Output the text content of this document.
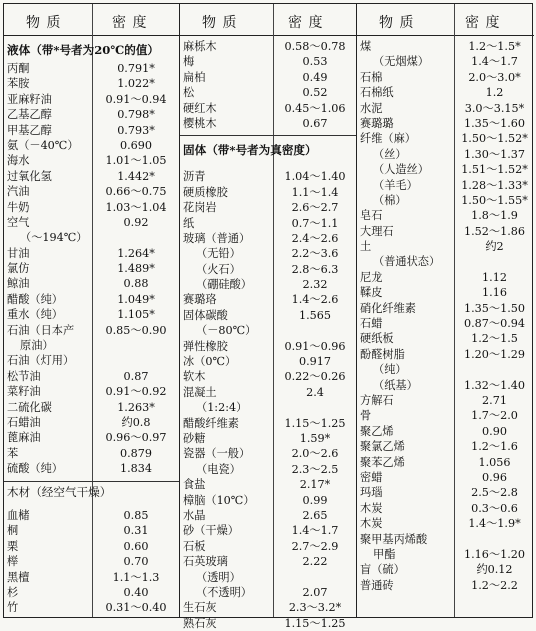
物 质	密 度
液体（带*号者为20℃的值）
丙酮	0.791*
苯胺	1.022*
亚麻籽油	0.91～0.94
乙基乙醇	0.798*
甲基乙醇	0.793*
氨（－40℃）	0.690
海水	1.01～1.05
过氧化氢	1.442*
汽油	0.66～0.75
牛奶	1.03～1.04
空气	0.92
（～194℃）
甘油	1.264*
氯仿	1.489*
鲸油	0.88
醋酸（纯）	1.049*
重水（纯）	1.105*
石油（日本产	0.85～0.90
原油）
石油（灯用）
松节油	0.87
菜籽油	0.91～0.92
二硫化碳	1.263*
石蜡油	约0.8
蓖麻油	0.96～0.97
苯	0.879
硫酸（纯）	1.834
木材（经空气干燥）
血槠	0.85
桐	0.31
栗	0.60
榉	0.70
黑檀	1.1～1.3
杉	0.40
竹	0.31～0.40
物 质	密 度
麻栎木	0.58～0.78
梅	0.53
扁柏	0.49
松	0.52
硬红木	0.45～1.06
樱桃木	0.67
固体（带*号者为真密度）
沥青	1.04～1.40
硬质橡胶	1.1～1.4
花岗岩	2.6～2.7
纸	0.7～1.1
玻璃（普通）	2.4～2.6
（无铅）	2.2～3.6
（火石）	2.8～6.3
（硼硅酸）	2.32
赛璐珞	1.4～2.6
固体碳酸	1.565
（－80℃）
弹性橡胶	0.91～0.96
冰（0℃）	0.917
软木	0.22～0.26
混凝土	2.4
（1:2:4）
醋酸纤维素	1.15～1.25
砂糖	1.59*
瓷器（一般）	2.0～2.6
（电瓷）	2.3～2.5
食盐	2.17*
樟脑（10℃）	0.99
水晶	2.65
砂（干燥）	1.4～1.7
石板	2.7～2.9
石英玻璃	2.22
（透明）
（不透明）	2.07
生石灰	2.3～3.2*
熟石灰	1.15～1.25
物 质	密 度
煤	1.2～1.5*
（无烟煤）	1.4～1.7
石棉	2.0～3.0*
石棉纸	1.2
水泥	3.0～3.15*
赛璐璐	1.35～1.60
纤维（麻）	1.50～1.52*
（丝）	1.30～1.37
（人造丝）	1.51～1.52*
（羊毛）	1.28～1.33*
（棉）	1.50～1.55*
皂石	1.8～1.9
大理石	1.52～1.86
土	约2
（普通状态）
尼龙	1.12
鞣皮	1.16
硝化纤维素	1.35～1.50
石蜡	0.87～0.94
硬纸板	1.2～1.5
酚醛树脂	1.20～1.29
（纯）
（纸基）	1.32～1.40
方解石	2.71
骨	1.7～2.0
聚乙烯	0.90
聚氯乙烯	1.2～1.6
聚苯乙烯	1.056
密蜡	0.96
玛瑙	2.5～2.8
木炭	0.3～0.6
木炭	1.4～1.9*
聚甲基丙烯酸
甲酯	1.16～1.20
盲（硫）	约0.12
普通砖	1.2～2.2
